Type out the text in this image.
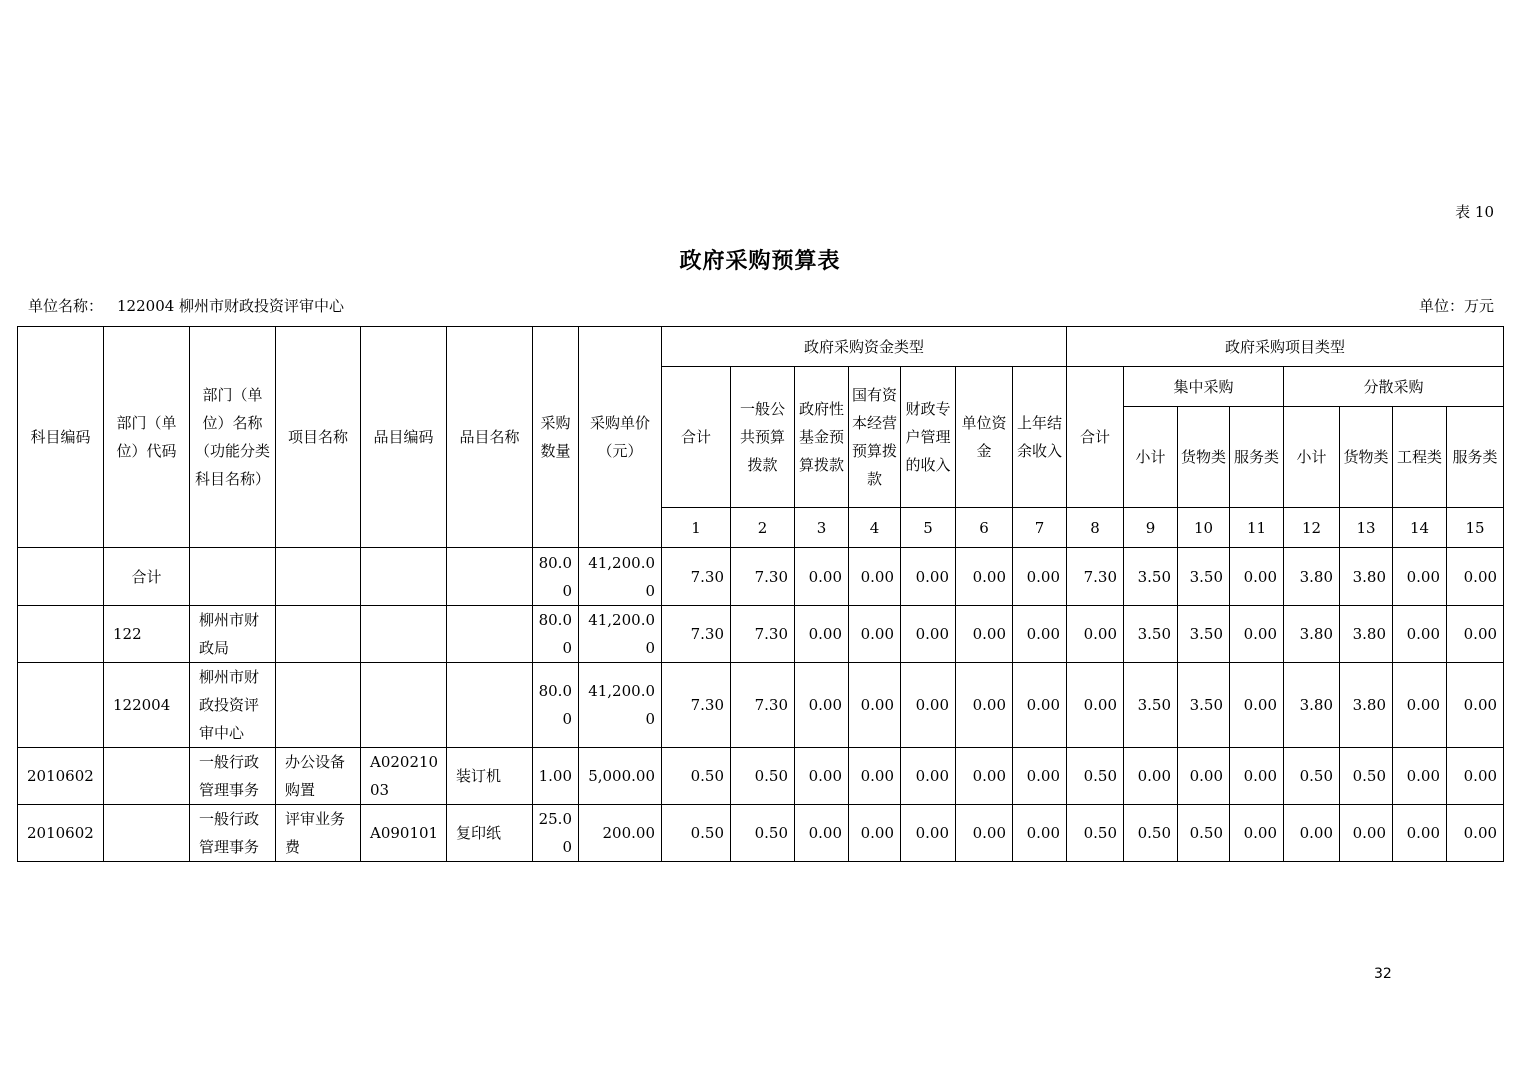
表 10
政府采购预算表
单位名称： 122004 柳州市财政投资评审中心	单位：万元
科目编码	部门（单位）代码	部门（单位）名称（功能分类科目名称）	项目名称	品目编码	品目名称	采购数量	采购单价（元）	政府采购资金类型							政府采购项目类型							
								合计	一般公共预算拨款	政府性基金预算拨款	国有资本经营预算拨款	财政专户管理的收入	单位资金	上年结余收入	合计	集中采购			分散采购			
																小计	货物类	服务类	小计	货物类	工程类	服务类
								1	2	3	4	5	6	7	8	9	10	11	12	13	14	15
	合计					80.00	41,200.00	7.30	7.30	0.00	0.00	0.00	0.00	0.00	7.30	3.50	3.50	0.00	3.80	3.80	0.00	0.00
	122	柳州市财政局				80.00	41,200.00	7.30	7.30	0.00	0.00	0.00	0.00	0.00	0.00	3.50	3.50	0.00	3.80	3.80	0.00	0.00
	122004	柳州市财政投资评审中心				80.00	41,200.00	7.30	7.30	0.00	0.00	0.00	0.00	0.00	0.00	3.50	3.50	0.00	3.80	3.80	0.00	0.00
2010602		一般行政管理事务	办公设备购置	A02021003	装订机	1.00	5,000.00	0.50	0.50	0.00	0.00	0.00	0.00	0.00	0.50	0.00	0.00	0.00	0.50	0.50	0.00	0.00
2010602		一般行政管理事务	评审业务费	A090101	复印纸	25.00	200.00	0.50	0.50	0.00	0.00	0.00	0.00	0.00	0.50	0.50	0.50	0.00	0.00	0.00	0.00	0.00
32
